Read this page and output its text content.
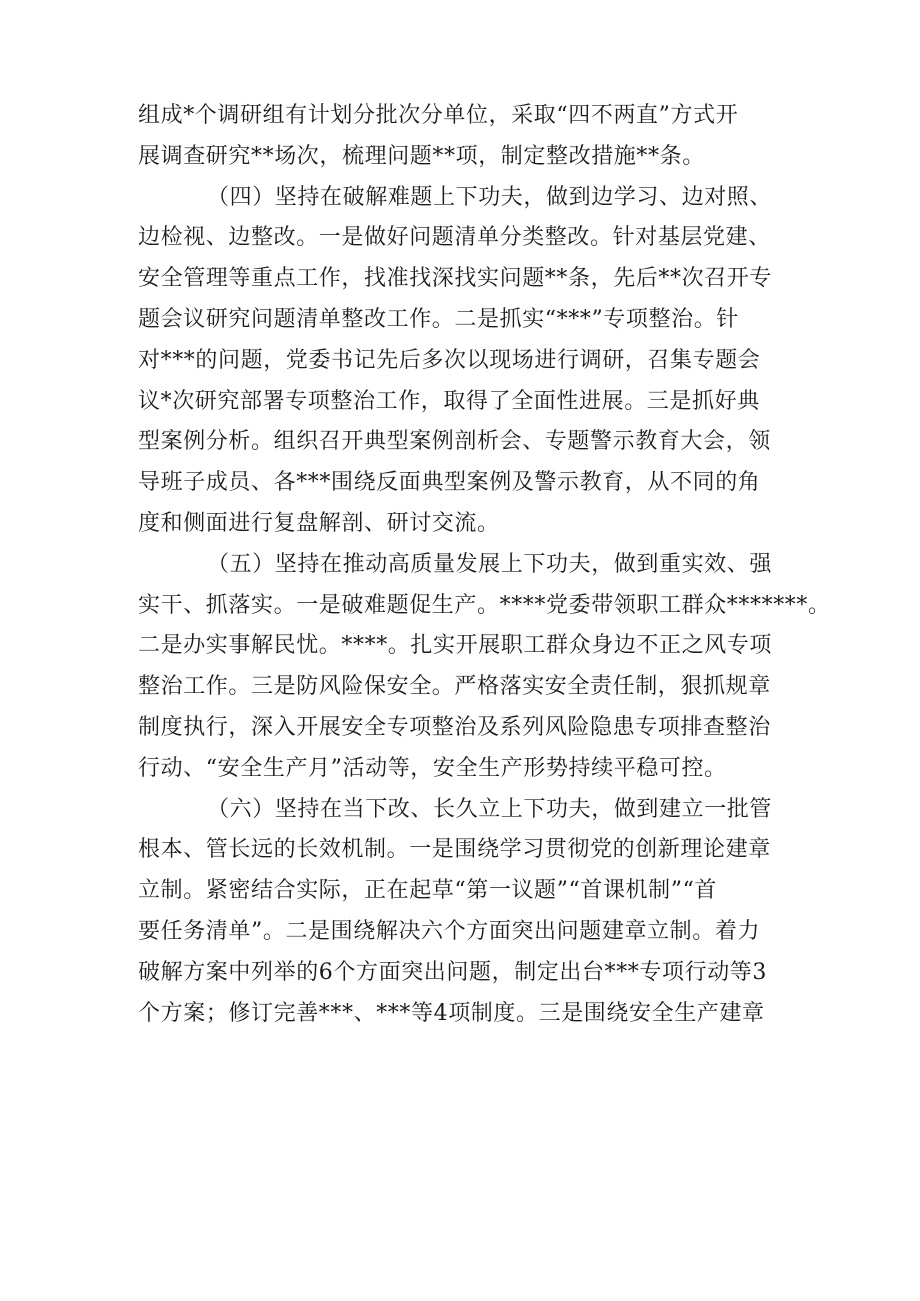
组成*个调研组有计划分批次分单位，采取“四不两直”方式开
展调查研究**场次，梳理问题**项，制定整改措施**条。
（四）坚持在破解难题上下功夫，做到边学习、边对照、
边检视、边整改。一是做好问题清单分类整改。针对基层党建、
安全管理等重点工作，找准找深找实问题**条，先后**次召开专
题会议研究问题清单整改工作。二是抓实“***”专项整治。针
对***的问题，党委书记先后多次以现场进行调研，召集专题会
议*次研究部署专项整治工作，取得了全面性进展。三是抓好典
型案例分析。组织召开典型案例剖析会、专题警示教育大会，领
导班子成员、各***围绕反面典型案例及警示教育，从不同的角
度和侧面进行复盘解剖、研讨交流。
（五）坚持在推动高质量发展上下功夫，做到重实效、强
实干、抓落实。一是破难题促生产。****党委带领职工群众*******。
二是办实事解民忧。****。扎实开展职工群众身边不正之风专项
整治工作。三是防风险保安全。严格落实安全责任制，狠抓规章
制度执行，深入开展安全专项整治及系列风险隐患专项排查整治
行动、“安全生产月”活动等，安全生产形势持续平稳可控。
（六）坚持在当下改、长久立上下功夫，做到建立一批管
根本、管长远的长效机制。一是围绕学习贯彻党的创新理论建章
立制。紧密结合实际，正在起草“第一议题”“首课机制”“首
要任务清单”。二是围绕解决六个方面突出问题建章立制。着力
破解方案中列举的6个方面突出问题，制定出台***专项行动等3
个方案；修订完善***、***等4项制度。三是围绕安全生产建章
